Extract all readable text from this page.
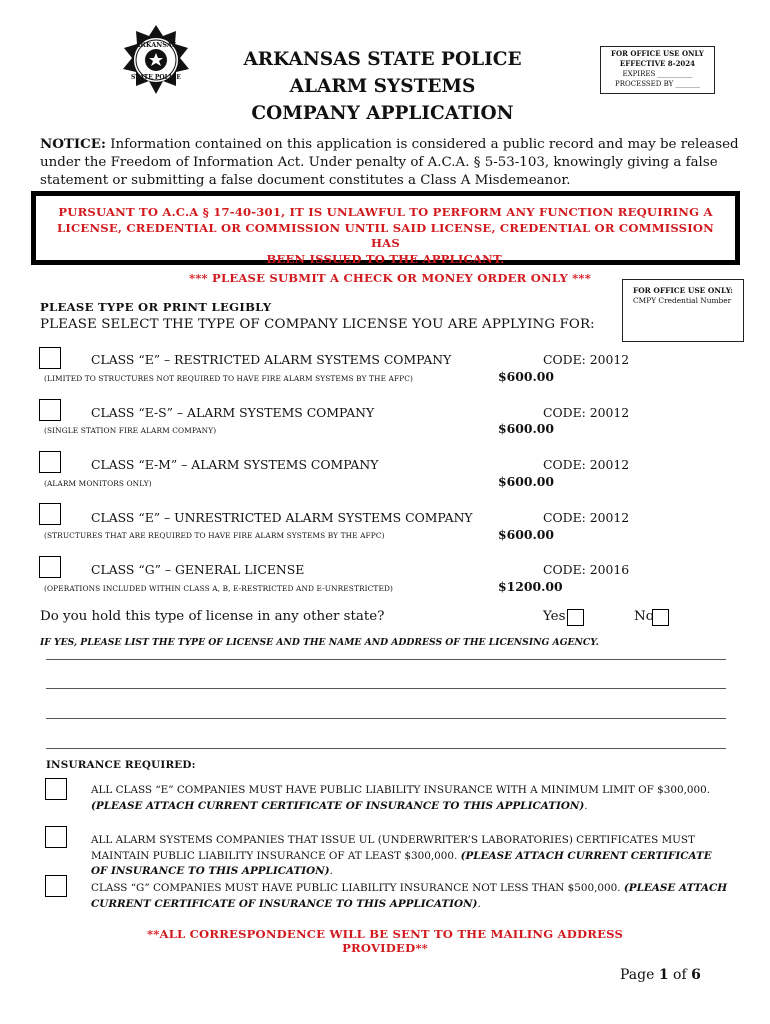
ARKANSAS
STATE POLICE
ARKANSAS STATE POLICE
ALARM SYSTEMS
COMPANY APPLICATION
FOR OFFICE USE ONLY
EFFECTIVE 8-2024
EXPIRES __________
PROCESSED BY _______
NOTICE: Information contained on this application is considered a public record and may be released under the Freedom of Information Act. Under penalty of A.C.A. § 5-53-103, knowingly giving a false statement or submitting a false document constitutes a Class A Misdemeanor.
PURSUANT TO A.C.A § 17-40-301, IT IS UNLAWFUL TO PERFORM ANY FUNCTION REQUIRING A
LICENSE, CREDENTIAL OR COMMISSION UNTIL SAID LICENSE, CREDENTIAL OR COMMISSION HAS
BEEN ISSUED TO THE APPLICANT.
*** PLEASE SUBMIT A CHECK OR MONEY ORDER ONLY ***
FOR OFFICE USE ONLY:
CMPY Credential Number
PLEASE TYPE OR PRINT LEGIBLY
PLEASE SELECT THE TYPE OF COMPANY LICENSE YOU ARE APPLYING FOR:
CLASS “E” – RESTRICTED ALARM SYSTEMS COMPANY
(LIMITED TO STRUCTURES NOT REQUIRED TO HAVE FIRE ALARM SYSTEMS BY THE AFPC)
CODE: 20012
$600.00
CLASS “E-S” – ALARM SYSTEMS COMPANY
(SINGLE STATION FIRE ALARM COMPANY)
CODE: 20012
$600.00
CLASS “E-M” – ALARM SYSTEMS COMPANY
(ALARM MONITORS ONLY)
CODE: 20012
$600.00
CLASS “E” – UNRESTRICTED ALARM SYSTEMS COMPANY
(STRUCTURES THAT ARE REQUIRED TO HAVE FIRE ALARM SYSTEMS BY THE AFPC)
CODE: 20012
$600.00
CLASS “G” – GENERAL LICENSE
(OPERATIONS INCLUDED WITHIN CLASS A, B, E-RESTRICTED AND E-UNRESTRICTED)
CODE: 20016
$1200.00
Do you hold this type of license in any other state?	Yes	No
IF YES, PLEASE LIST THE TYPE OF LICENSE AND THE NAME AND ADDRESS OF THE LICENSING AGENCY.
INSURANCE REQUIRED:
ALL CLASS “E” COMPANIES MUST HAVE PUBLIC LIABILITY INSURANCE WITH A MINIMUM LIMIT OF $300,000.
(PLEASE ATTACH CURRENT CERTIFICATE OF INSURANCE TO THIS APPLICATION).
ALL ALARM SYSTEMS COMPANIES THAT ISSUE UL (UNDERWRITER’S LABORATORIES) CERTIFICATES MUST MAINTAIN PUBLIC LIABILITY INSURANCE OF AT LEAST $300,000. (PLEASE ATTACH CURRENT CERTIFICATE OF INSURANCE TO THIS APPLICATION).
CLASS “G” COMPANIES MUST HAVE PUBLIC LIABILITY INSURANCE NOT LESS THAN $500,000. (PLEASE ATTACH CURRENT CERTIFICATE OF INSURANCE TO THIS APPLICATION).
**ALL CORRESPONDENCE WILL BE SENT TO THE MAILING ADDRESS PROVIDED**
Page 1 of 6
